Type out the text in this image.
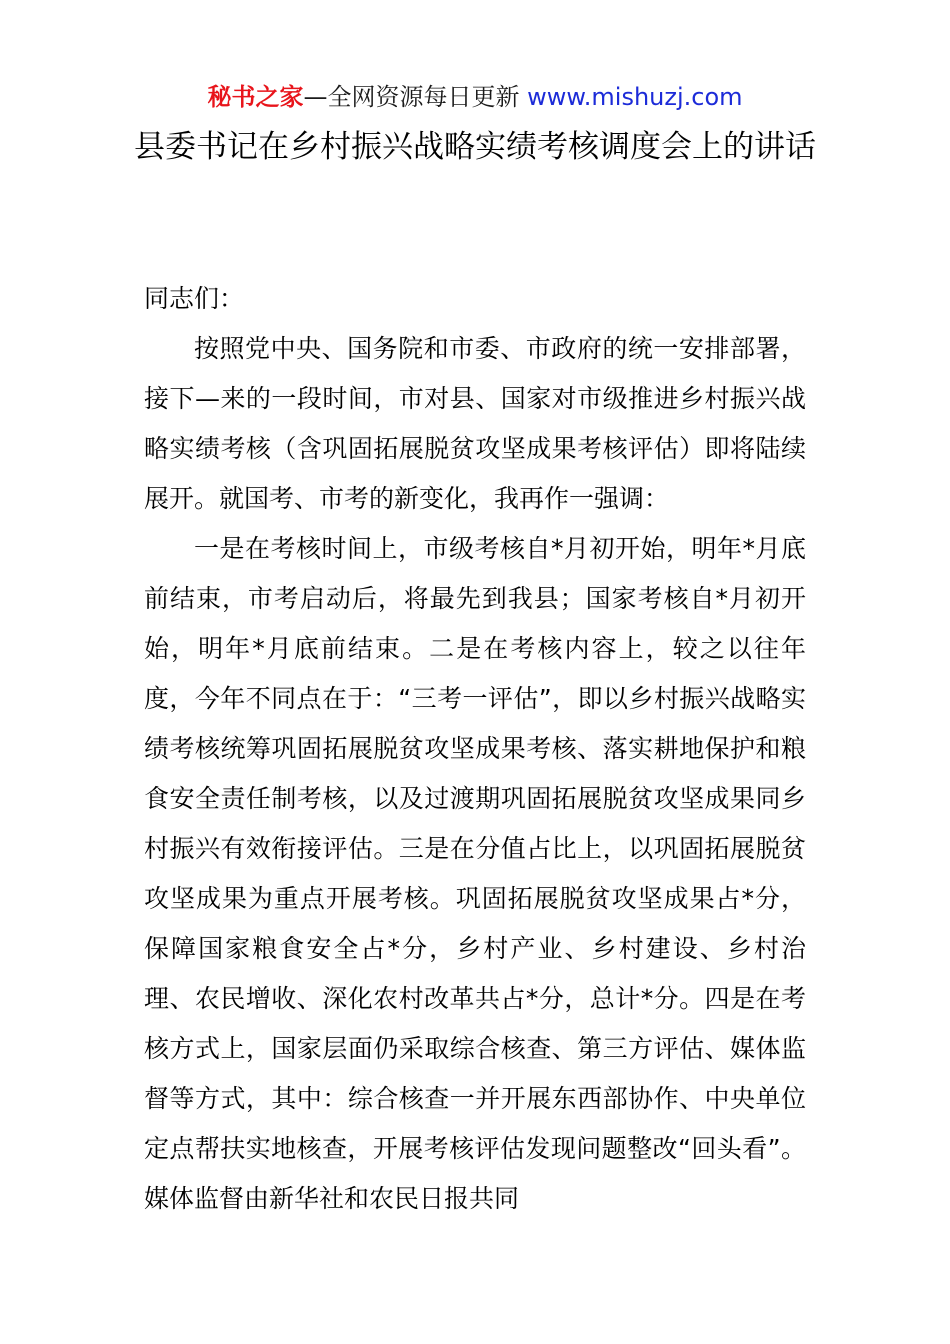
秘书之家—全网资源每日更新 www.mishuzj.com
县委书记在乡村振兴战略实绩考核调度会上的讲话

同志们：

按照党中央、国务院和市委、市政府的统一安排部署，接下—来的一段时间，市对县、国家对市级推进乡村振兴战略实绩考核（含巩固拓展脱贫攻坚成果考核评估）即将陆续展开。就国考、市考的新变化，我再作一强调：

一是在考核时间上，市级考核自*月初开始，明年*月底前结束，市考启动后，将最先到我县；国家考核自*月初开始，明年*月底前结束。二是在考核内容上，较之以往年度，今年不同点在于：“三考一评估”，即以乡村振兴战略实绩考核统筹巩固拓展脱贫攻坚成果考核、落实耕地保护和粮食安全责任制考核，以及过渡期巩固拓展脱贫攻坚成果同乡村振兴有效衔接评估。三是在分值占比上，以巩固拓展脱贫攻坚成果为重点开展考核。巩固拓展脱贫攻坚成果占*分，保障国家粮食安全占*分，乡村产业、乡村建设、乡村治理、农民增收、深化农村改革共占*分，总计*分。四是在考核方式上，国家层面仍采取综合核查、第三方评估、媒体监督等方式，其中：综合核查一并开展东西部协作、中央单位定点帮扶实地核查，开展考核评估发现问题整改“回头看”。媒体监督由新华社和农民日报共同
